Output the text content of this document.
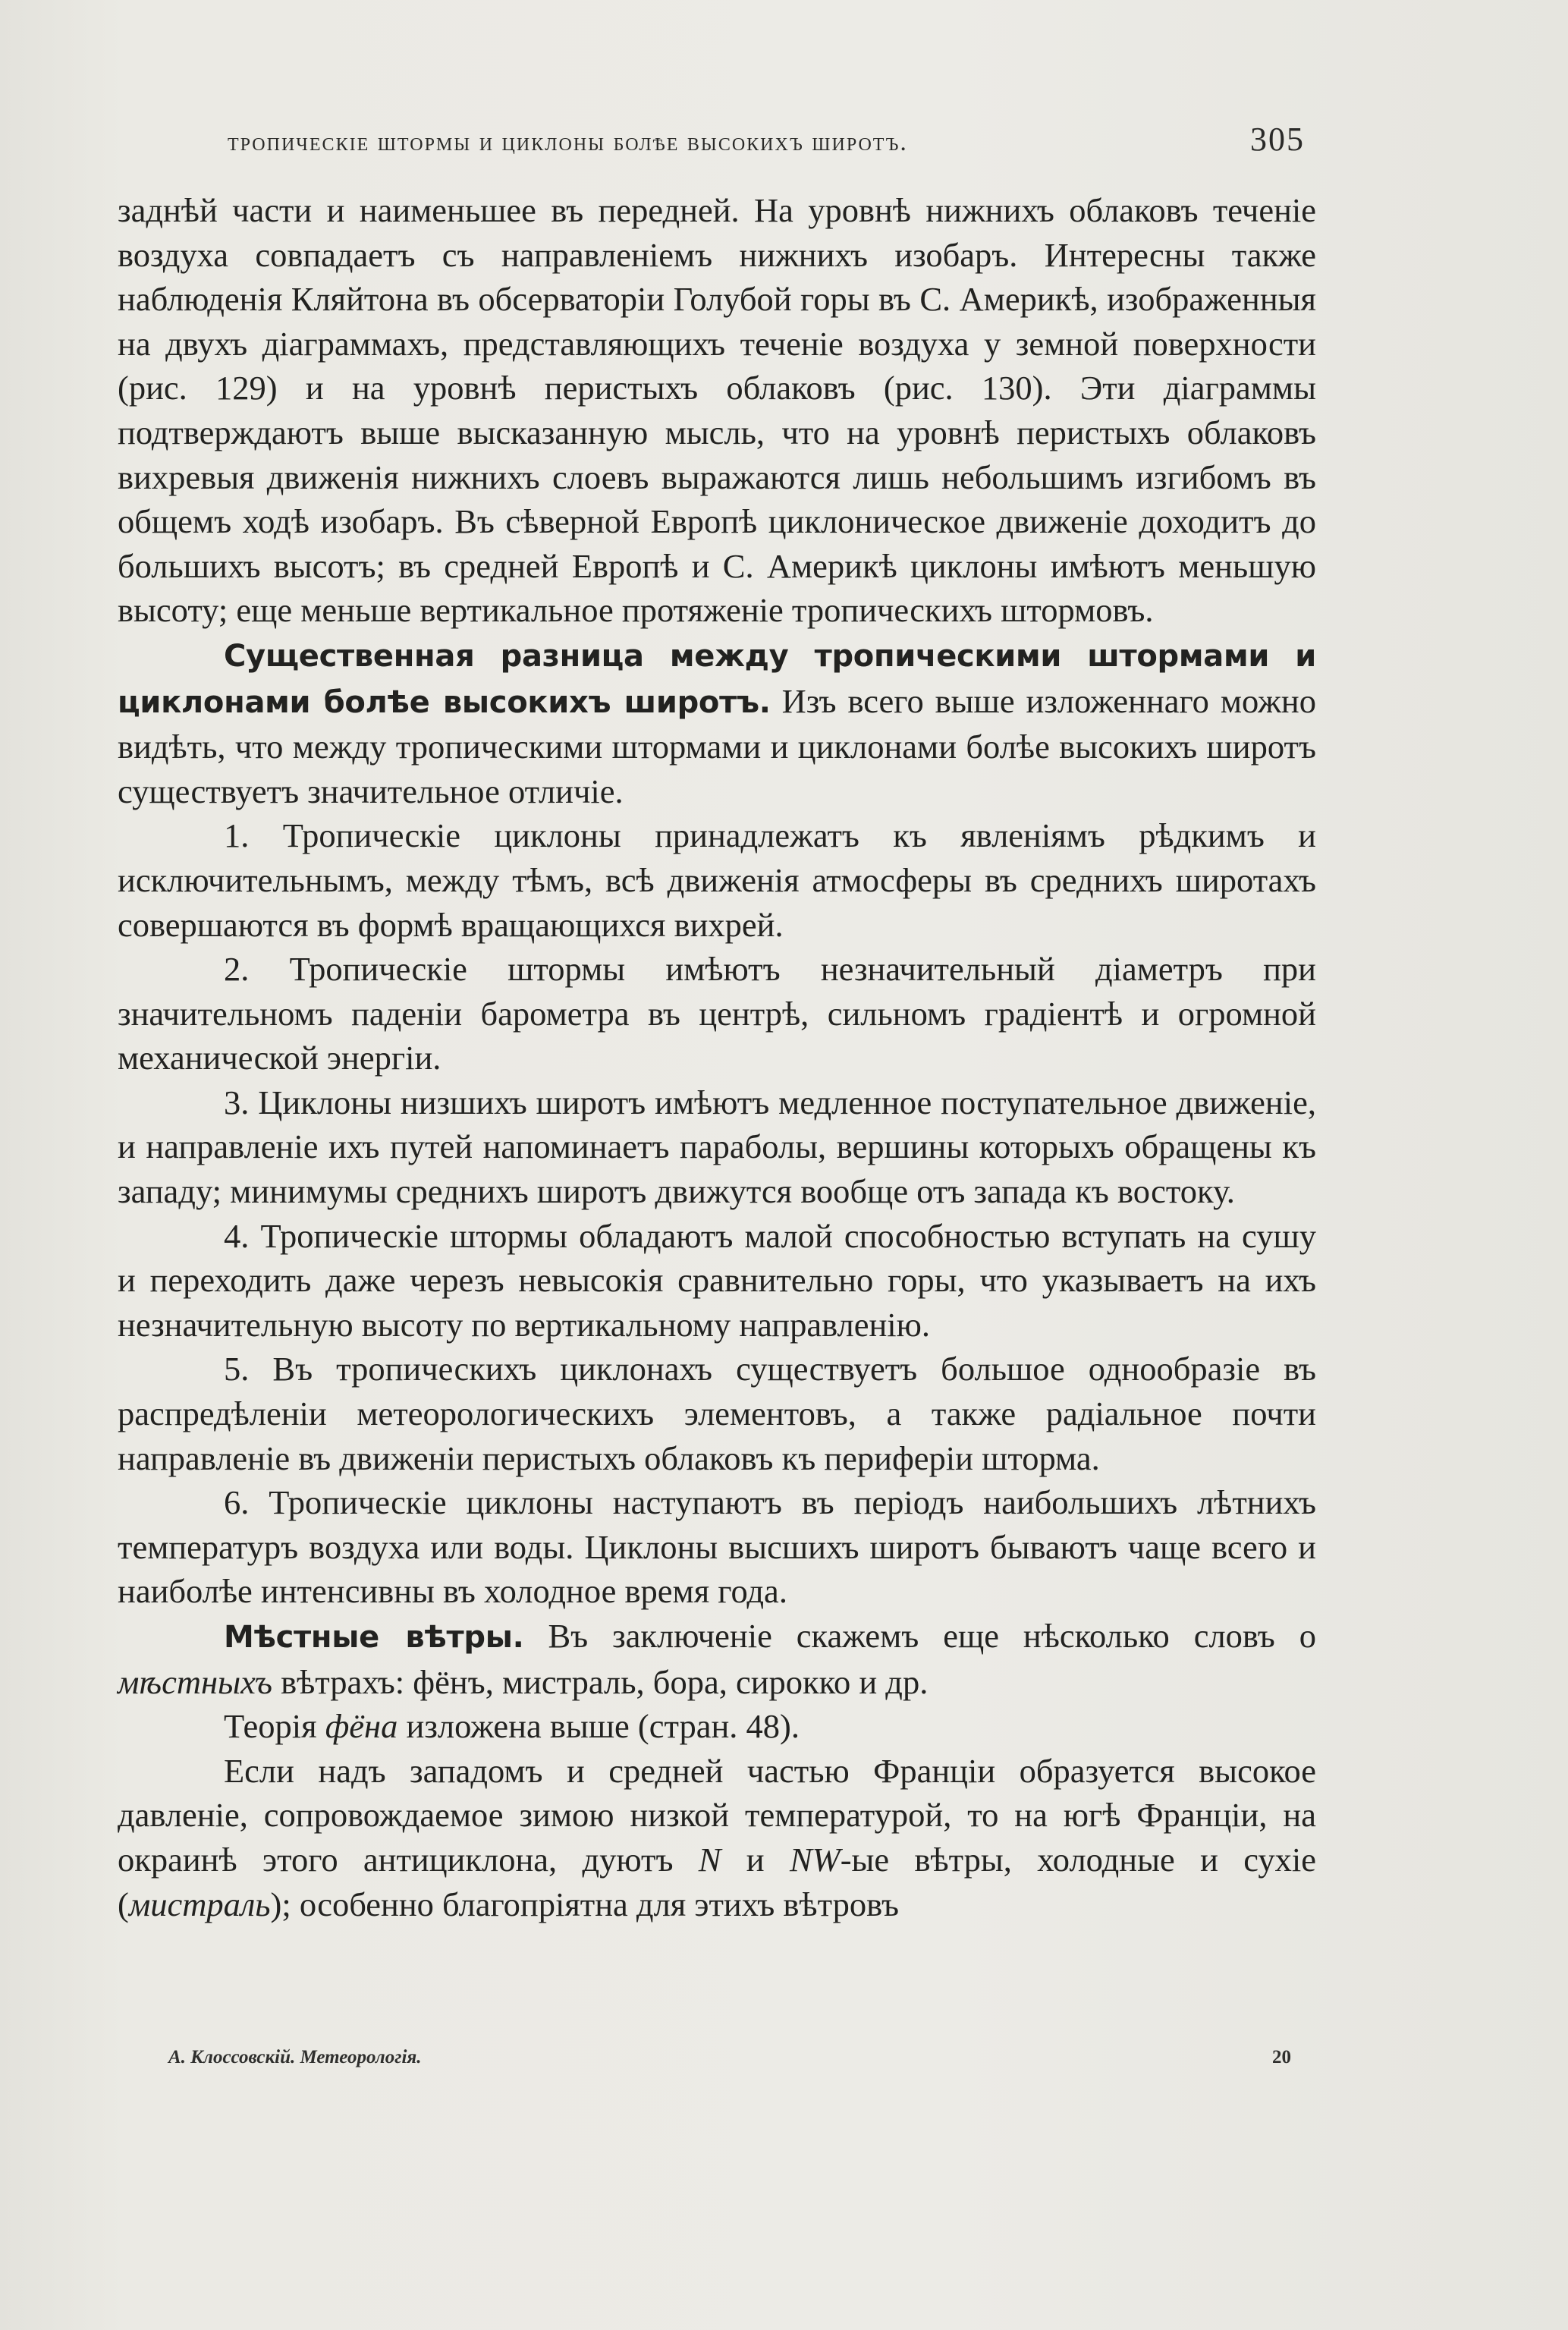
тропическіе штормы и циклоны болѣе высокихъ широтъ.	305

заднѣй части и наименьшее въ передней. На уровнѣ нижнихъ облаковъ теченіе воздуха совпадаетъ съ направленіемъ нижнихъ изобаръ. Интересны также наблюденія Кляйтона въ обсерваторіи Голубой горы въ С. Америкѣ, изображенныя на двухъ діаграммахъ, представляющихъ теченіе воздуха у земной поверхности (рис. 129) и на уровнѣ перистыхъ облаковъ (рис. 130). Эти діаграммы подтверждаютъ выше высказанную мысль, что на уровнѣ перистыхъ облаковъ вихревыя движенія нижнихъ слоевъ выражаются лишь небольшимъ изгибомъ въ общемъ ходѣ изобаръ. Въ сѣверной Европѣ циклоническое движеніе доходитъ до большихъ высотъ; въ средней Европѣ и С. Америкѣ циклоны имѣютъ меньшую высоту; еще меньше вертикальное протяженіе тропическихъ штормовъ.

Существенная разница между тропическими штормами и циклонами болѣе высокихъ широтъ. Изъ всего выше изложеннаго можно видѣть, что между тропическими штормами и циклонами болѣе высокихъ широтъ существуетъ значительное отличіе.

1. Тропическіе циклоны принадлежатъ къ явленіямъ рѣдкимъ и исключительнымъ, между тѣмъ, всѣ движенія атмосферы въ среднихъ широтахъ совершаются въ формѣ вращающихся вихрей.

2. Тропическіе штормы имѣютъ незначительный діаметръ при значительномъ паденіи барометра въ центрѣ, сильномъ градіентѣ и огромной механической энергіи.

3. Циклоны низшихъ широтъ имѣютъ медленное поступательное движеніе, и направленіе ихъ путей напоминаетъ параболы, вершины которыхъ обращены къ западу; минимумы среднихъ широтъ движутся вообще отъ запада къ востоку.

4. Тропическіе штормы обладаютъ малой способностью вступать на сушу и переходить даже черезъ невысокія сравнительно горы, что указываетъ на ихъ незначительную высоту по вертикальному направленію.

5. Въ тропическихъ циклонахъ существуетъ большое однообразіе въ распредѣленіи метеорологическихъ элементовъ, а также радіальное почти направленіе въ движеніи перистыхъ облаковъ къ периферіи шторма.

6. Тропическіе циклоны наступаютъ въ періодъ наибольшихъ лѣтнихъ температуръ воздуха или воды. Циклоны высшихъ широтъ бываютъ чаще всего и наиболѣе интенсивны въ холодное время года.

Мѣстные вѣтры. Въ заключеніе скажемъ еще нѣсколько словъ о мѣстныхъ вѣтрахъ: фёнъ, мистраль, бора, сирокко и др.

Теорія фёна изложена выше (стран. 48).

Если надъ западомъ и средней частью Франціи образуется высокое давленіе, сопровождаемое зимою низкой температурой, то на югѣ Франціи, на окраинѣ этого антициклона, дуютъ N и NW-ые вѣтры, холодные и сухіе (мистраль); особенно благопріятна для этихъ вѣтровъ

А. Клоссовскій. Метеорологія.	20
